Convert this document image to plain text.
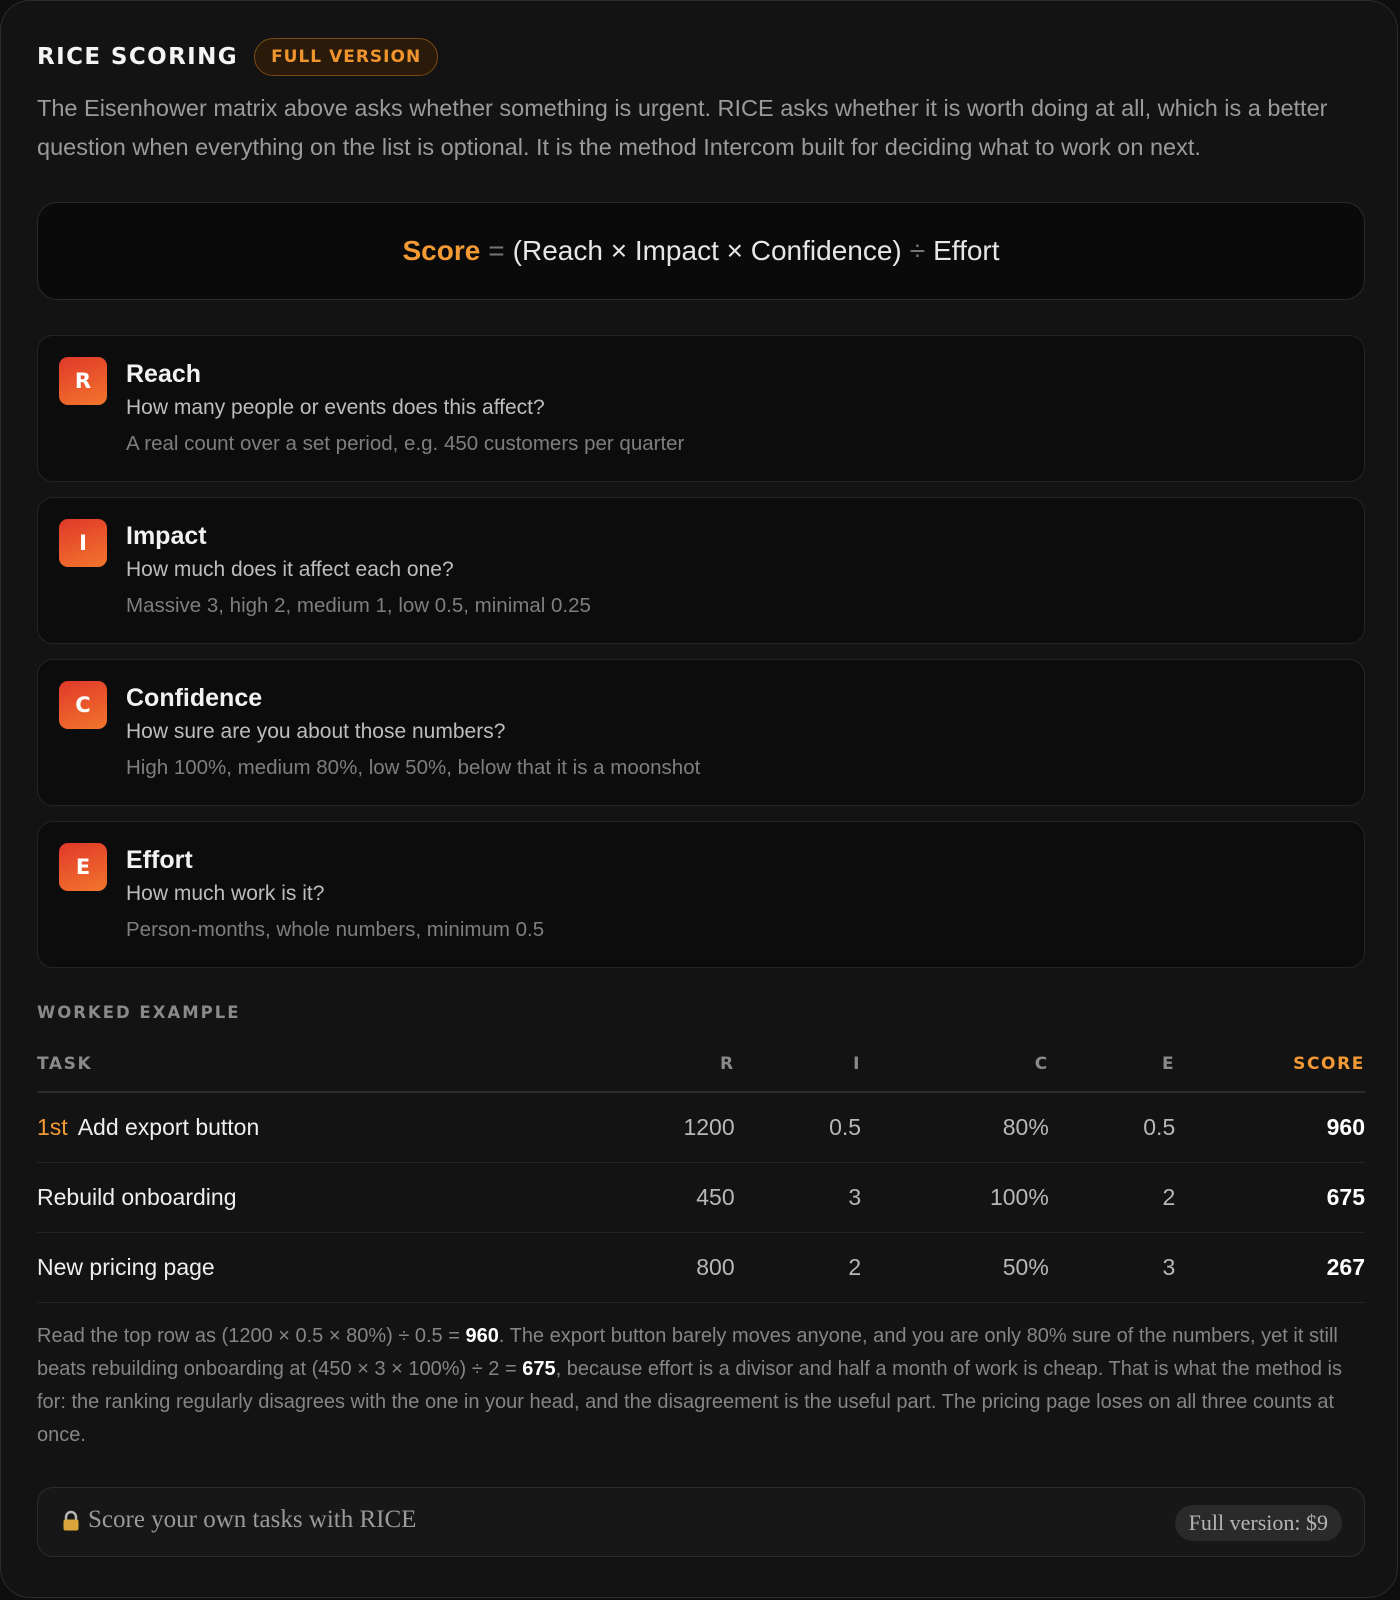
RICE SCORING	FULL VERSION
The Eisenhower matrix above asks whether something is urgent. RICE asks whether it is worth doing at all, which is a better question when everything on the list is optional. It is the method Intercom built for deciding what to work on next.
Score = (Reach × Impact × Confidence) ÷ Effort
R	Reach
How many people or events does this affect?
A real count over a set period, e.g. 450 customers per quarter
I	Impact
How much does it affect each one?
Massive 3, high 2, medium 1, low 0.5, minimal 0.25
C	Confidence
How sure are you about those numbers?
High 100%, medium 80%, low 50%, below that it is a moonshot
E	Effort
How much work is it?
Person-months, whole numbers, minimum 0.5
WORKED EXAMPLE
TASK	R	I	C	E	SCORE
1st Add export button	1200	0.5	80%	0.5	960
Rebuild onboarding	450	3	100%	2	675
New pricing page	800	2	50%	3	267
Read the top row as (1200 × 0.5 × 80%) ÷ 0.5 = 960. The export button barely moves anyone, and you are only 80% sure of the numbers, yet it still beats rebuilding onboarding at (450 × 3 × 100%) ÷ 2 = 675, because effort is a divisor and half a month of work is cheap. That is what the method is for: the ranking regularly disagrees with the one in your head, and the disagreement is the useful part. The pricing page loses on all three counts at once.
Score your own tasks with RICE	Full version: $9
